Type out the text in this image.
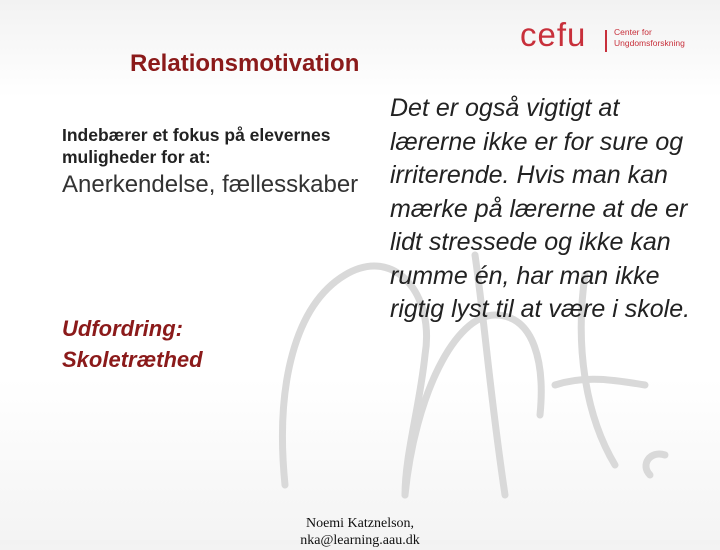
cefu	Center for
Ungdomsforskning
Relationsmotivation

Indebærer et fokus på elevernes muligheder for at:

Anerkendelse, fællesskaber

Udfordring:
Skoletræthed

Det er også vigtigt at lærerne ikke er for sure og irriterende. Hvis man kan mærke på lærerne at de er lidt stressede og ikke kan rumme én, har man ikke rigtig lyst til at være i skole.

Noemi Katznelson,
nka@learning.aau.dk
